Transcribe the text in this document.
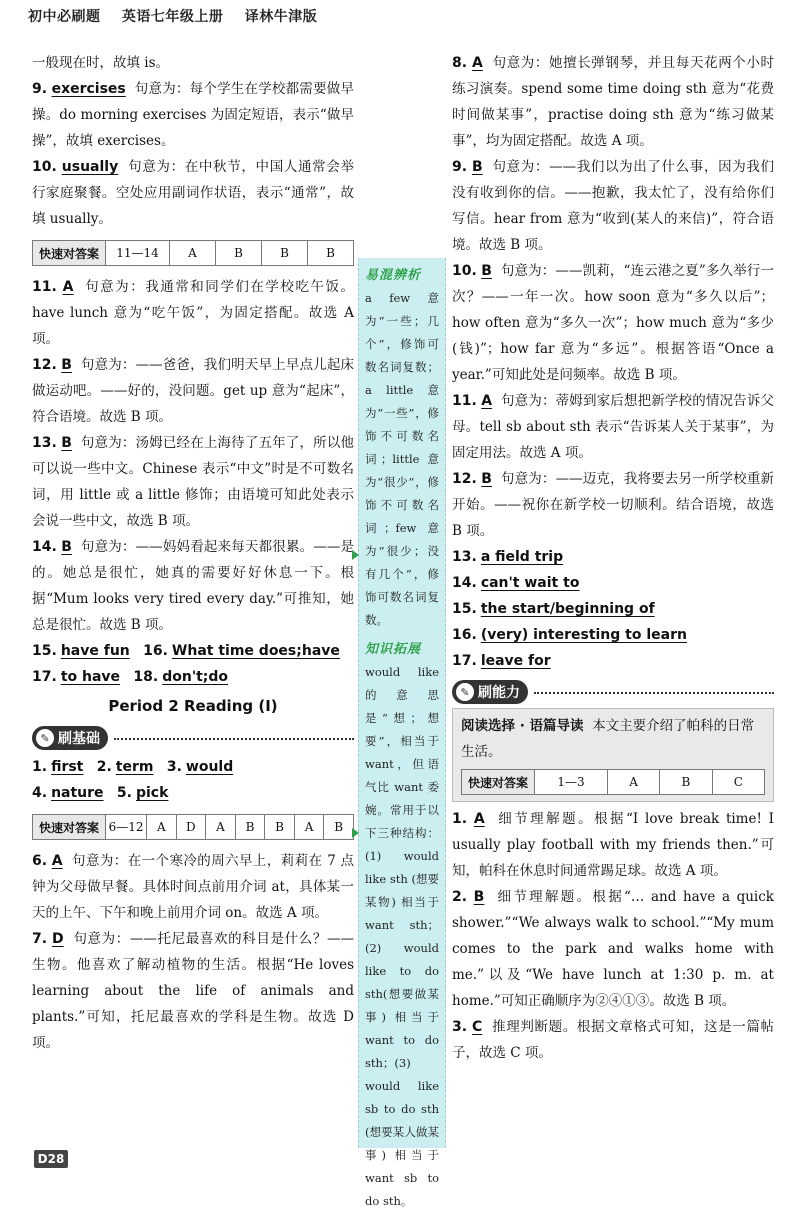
初中必刷题 英语七年级上册 译林牛津版

一般现在时，故填 is。

9. exercises 句意为：每个学生在学校都需要做早操。do morning exercises 为固定短语，表示“做早操”，故填 exercises。

10. usually 句意为：在中秋节，中国人通常会举行家庭聚餐。空处应用副词作状语，表示“通常”，故填 usually。

快速对答案	11—14	A	B	B	B

11. A 句意为：我通常和同学们在学校吃午饭。have lunch 意为“吃午饭”，为固定搭配。故选 A 项。

12. B 句意为：——爸爸，我们明天早上早点儿起床做运动吧。——好的，没问题。get up 意为“起床”，符合语境。故选 B 项。

13. B 句意为：汤姆已经在上海待了五年了，所以他可以说一些中文。Chinese 表示“中文”时是不可数名词，用 little 或 a little 修饰；由语境可知此处表示会说一些中文，故选 B 项。

14. B 句意为：——妈妈看起来每天都很累。——是的。她总是很忙，她真的需要好好休息一下。根据“Mum looks very tired every day.”可推知，她总是很忙。故选 B 项。

15. have fun 16. What time does;have
17. to have 18. don't;do
Period 2 Reading (Ⅰ)
✎ 刷基础
1. first 2. term 3. would
4. nature 5. pick
快速对答案 6—12	A	D	A	B	B	A	B

6. A 句意为：在一个寒冷的周六早上，莉莉在 7 点钟为父母做早餐。具体时间点前用介词 at，具体某一天的上午、下午和晚上前用介词 on。故选 A 项。

7. D 句意为：——托尼最喜欢的科目是什么？——生物。他喜欢了解动植物的生活。根据“He loves learning about the life of animals and plants.”可知，托尼最喜欢的学科是生物。故选 D 项。

易混辨析

a few 意为“一些；几个”，修饰可数名词复数；a little 意为“一些”，修饰不可数名词；little 意为“很少”，修饰不可数名词；few 意为“很少；没有几个”，修饰可数名词复数。

知识拓展

would like 的意思是“想；想要”，相当于 want，但语气比 want 委婉。常用于以下三种结构：(1) would like sth (想要某物) 相当于 want sth；(2) would like to do sth(想要做某事) 相当于 want to do sth；(3) would like sb to do sth (想要某人做某事) 相当于 want sb to do sth。

8. A 句意为：她擅长弹钢琴，并且每天花两个小时练习演奏。spend some time doing sth 意为“花费时间做某事”，practise doing sth 意为“练习做某事”，均为固定搭配。故选 A 项。

9. B 句意为：——我们以为出了什么事，因为我们没有收到你的信。——抱歉，我太忙了，没有给你们写信。hear from 意为“收到(某人的来信)”，符合语境。故选 B 项。

10. B 句意为：——凯莉，“连云港之夏”多久举行一次？——一年一次。how soon 意为“多久以后”；how often 意为“多久一次”；how much 意为“多少(钱)”；how far 意为“多远”。根据答语“Once a year.”可知此处是问频率。故选 B 项。

11. A 句意为：蒂姆到家后想把新学校的情况告诉父母。tell sb about sth 表示“告诉某人关于某事”，为固定用法。故选 A 项。

12. B 句意为：——迈克，我将要去另一所学校重新开始。——祝你在新学校一切顺利。结合语境，故选 B 项。

13. a field trip
14. can't wait to
15. the start/beginning of
16. (very) interesting to learn
17. leave for
✎ 刷能力
阅读选择 · 语篇导读 本文主要介绍了帕科的日常生活。
快速对答案	1—3	A	B	C

1. A 细节理解题。根据“I love break time! I usually play football with my friends then.”可知，帕科在休息时间通常踢足球。故选 A 项。

2. B 细节理解题。根据“… and have a quick shower.”“We always walk to school.”“My mum comes to the park and walks home with me.”以及“We have lunch at 1:30 p. m. at home.”可知正确顺序为②④①③。故选 B 项。

3. C 推理判断题。根据文章格式可知，这是一篇帖子，故选 C 项。

D28
